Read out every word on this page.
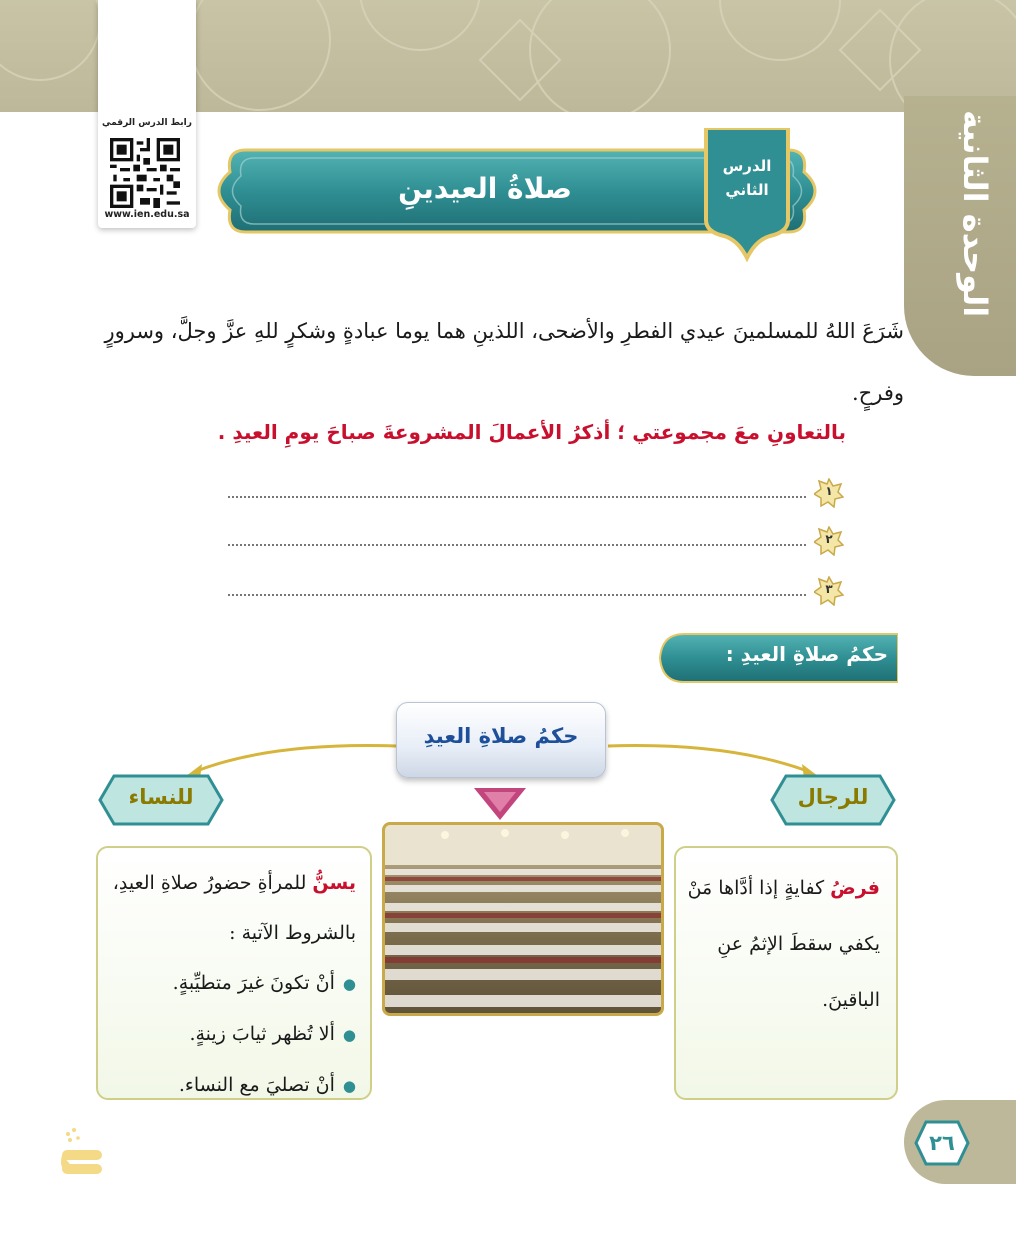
الوحدة الثانية
رابط الدرس الرقمي
www.ien.edu.sa
صلاةُ العيدينِ
الدرس
الثاني

شَرَعَ اللهُ للمسلمينَ عيدي الفطرِ والأضحى، اللذينِ هما يوما عبادةٍ وشكرٍ للهِ عزَّ وجلَّ، وسرورٍ وفرحٍ.

بالتعاونِ معَ مجموعتي ؛ أذكرُ الأعمالَ المشروعةَ صباحَ يومِ العيدِ .
١
٢
٣
حكمُ صلاةِ العيدِ :
حكمُ صلاةِ العيدِ
للرجال
للنساء
فرضُ كفايةٍ إذا أدَّاها مَنْ يكفي سقطَ الإثمُ عنِ الباقينَ.
يسنُّ للمرأةِ حضورُ صلاةِ العيدِ، بالشروط الآتية :
● أنْ تكونَ غيرَ متطيِّبةٍ.
● ألا تُظهر ثيابَ زينةٍ.
● أنْ تصليَ مع النساء.
٢٦
